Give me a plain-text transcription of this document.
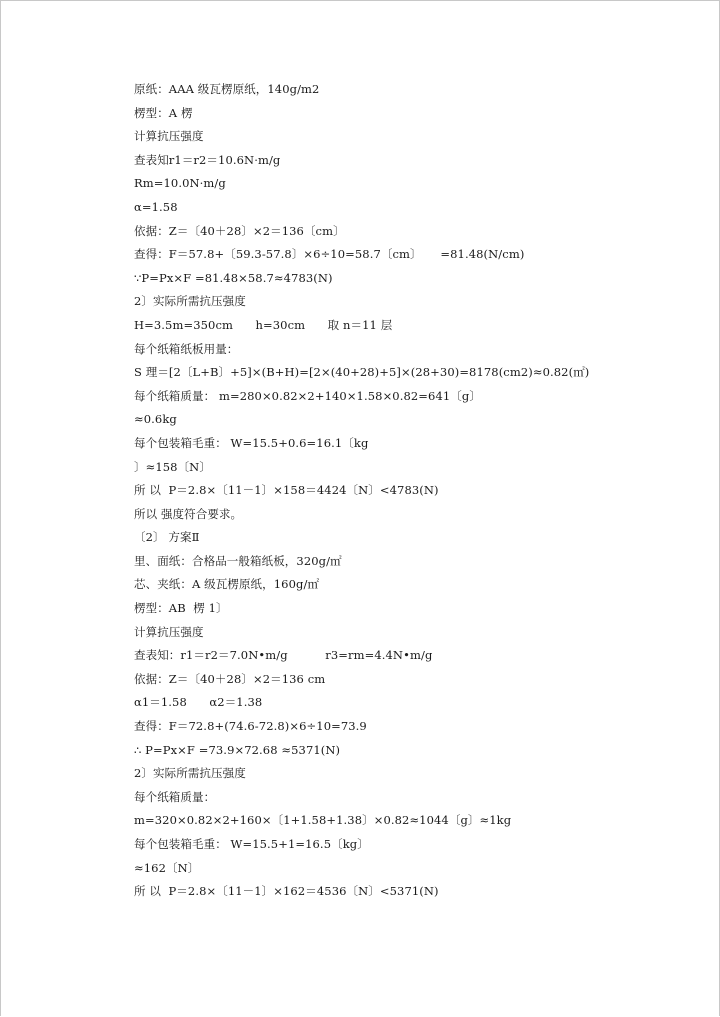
原纸：AAA 级瓦楞原纸，140g/m2
楞型：A 楞
计算抗压强度
查表知r1＝r2＝10.6N·m/g
Rm=10.0N·m/g
α=1.58
依据：Z＝〔40＋28〕×2＝136〔cm〕
查得：F＝57.8+〔59.3-57.8〕×6÷10=58.7〔cm〕     =81.48(N/cm)
∵P=Px×F =81.48×58.7≈4783(N)
2〕实际所需抗压强度
H=3.5m=350cm      h=30cm      取 n＝11 层
每个纸箱纸板用量：
S 理＝[2〔L+B〕+5]×(B+H)=[2×(40+28)+5]×(28+30)=8178(cm2)≈0.82(㎡)
每个纸箱质量： m=280×0.82×2+140×1.58×0.82=641〔g〕
≈0.6kg
每个包装箱毛重： W=15.5+0.6=16.1〔kg
〕≈158〔N〕
所 以  P＝2.8×〔11－1〕×158＝4424〔N〕<4783(N)
所以 强度符合要求。
〔2〕 方案Ⅱ
里、面纸：合格品一般箱纸板，320g/㎡
芯、夹纸：A 级瓦楞原纸，160g/㎡
楞型：AB  楞 1〕
计算抗压强度
查表知：r1＝r2＝7.0N•m/g          r3=rm=4.4N•m/g
依据：Z＝〔40＋28〕×2＝136 cm
α1＝1.58      α2＝1.38
查得：F＝72.8+(74.6-72.8)×6÷10=73.9
∴ P=Px×F =73.9×72.68 ≈5371(N)
2〕实际所需抗压强度
每个纸箱质量：
m=320×0.82×2+160×〔1+1.58+1.38〕×0.82≈1044〔g〕≈1kg
每个包装箱毛重： W=15.5+1=16.5〔kg〕
≈162〔N〕
所 以  P＝2.8×〔11－1〕×162＝4536〔N〕<5371(N)
